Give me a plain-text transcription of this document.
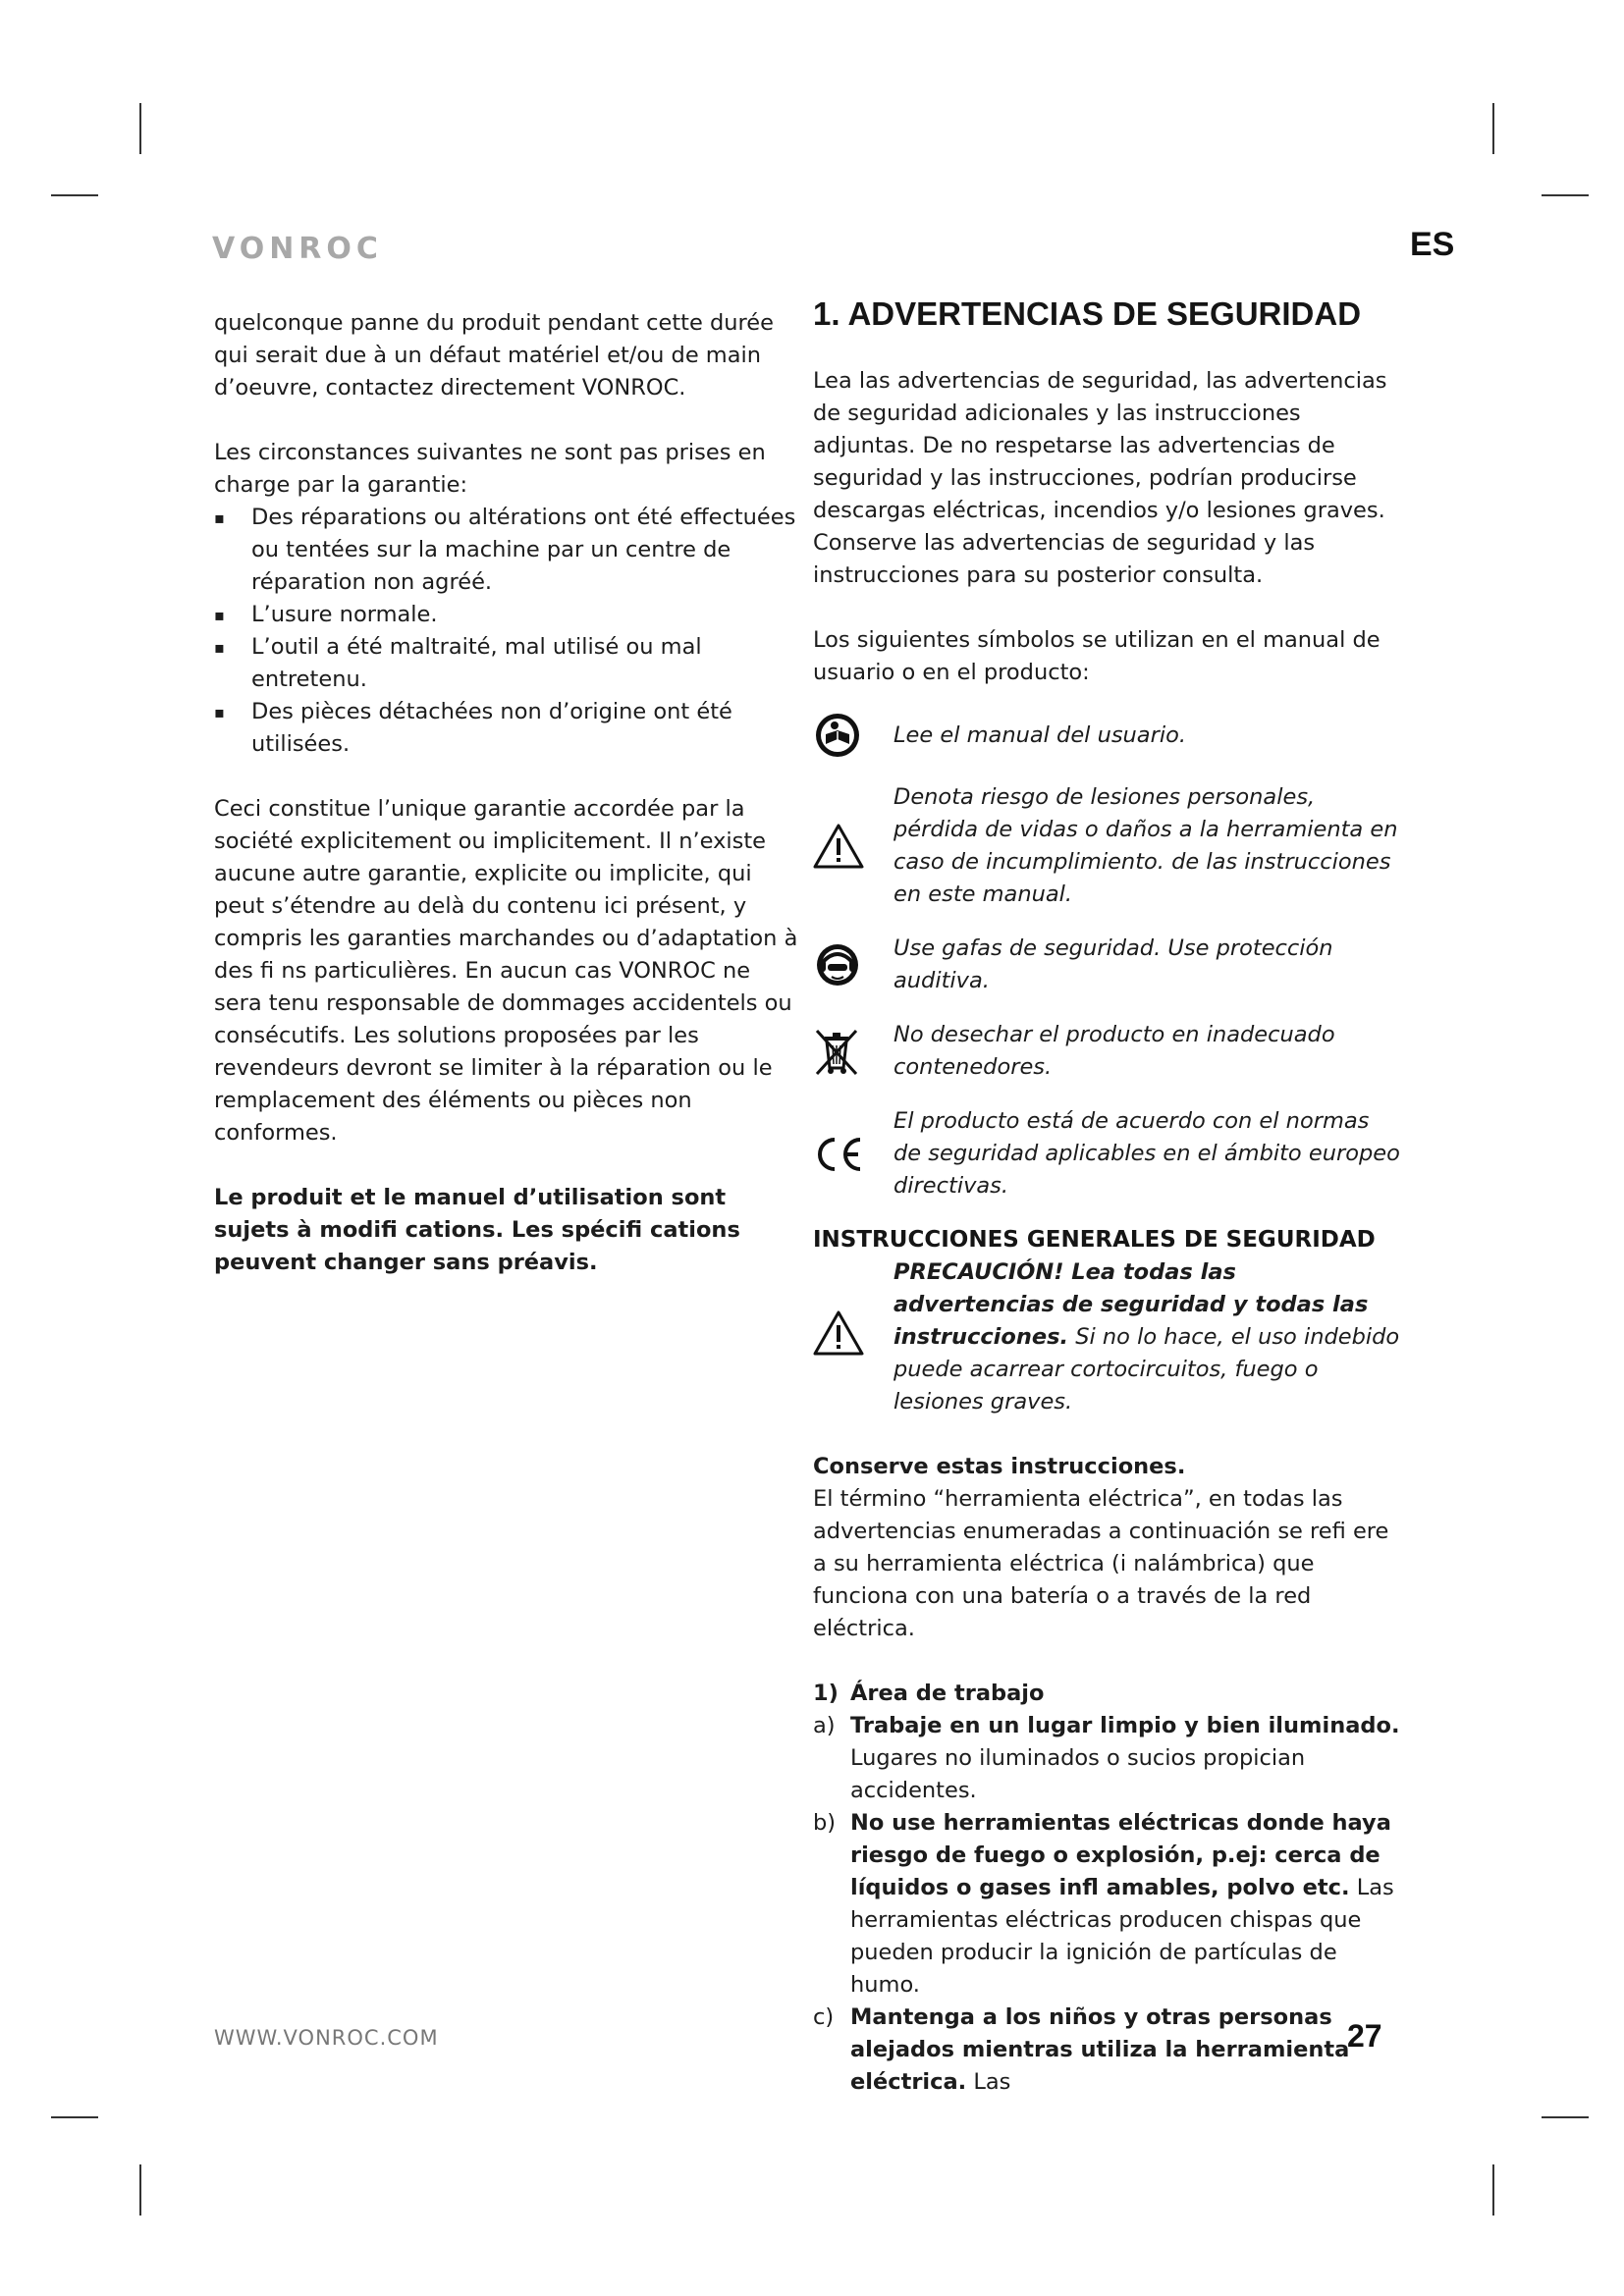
VONROC	ES

quelconque panne du produit pendant cette durée qui serait due à un défaut matériel et/ou de main d’oeuvre, contactez directement VONROC.

Les circonstances suivantes ne sont pas prises en charge par la garantie:

▪ Des réparations ou altérations ont été effectuées ou tentées sur la machine par un centre de réparation non agréé.
▪ L’usure normale.
▪ L’outil a été maltraité, mal utilisé ou mal entretenu.
▪ Des pièces détachées non d’origine ont été utilisées.

Ceci constitue l’unique garantie accordée par la société explicitement ou implicitement. Il n’existe aucune autre garantie, explicite ou implicite, qui peut s’étendre au delà du contenu ici présent, y compris les garanties marchandes ou d’adaptation à des fi ns particulières. En aucun cas VONROC ne sera tenu responsable de dommages accidentels ou consécutifs. Les solutions proposées par les revendeurs devront se limiter à la réparation ou le remplacement des éléments ou pièces non conformes.

Le produit et le manuel d’utilisation sont sujets à modifi cations. Les spécifi cations peuvent changer sans préavis.

1. ADVERTENCIAS DE SEGURIDAD

Lea las advertencias de seguridad, las advertencias de seguridad adicionales y las instrucciones adjuntas. De no respetarse las advertencias de seguridad y las instrucciones, podrían producirse descargas eléctricas, incendios y/o lesiones graves. Conserve las advertencias de seguridad y las instrucciones para su posterior consulta.

Los siguientes símbolos se utilizan en el manual de usuario o en el producto:

Lee el manual del usuario.
Denota riesgo de lesiones personales, pérdida de vidas o daños a la herramienta en caso de incumplimiento. de las instrucciones en este manual.
Use gafas de seguridad. Use protección auditiva.
No desechar el producto en inadecuado contenedores.
El producto está de acuerdo con el normas de seguridad aplicables en el ámbito europeo directivas.
INSTRUCCIONES GENERALES DE SEGURIDAD
PRECAUCIÓN! Lea todas las advertencias de seguridad y todas las instrucciones. Si no lo hace, el uso indebido puede acarrear cortocircuitos, fuego o lesiones graves.

Conserve estas instrucciones.

El término “herramienta eléctrica”, en todas las advertencias enumeradas a continuación se refi ere a su herramienta eléctrica (i nalámbrica) que funciona con una batería o a través de la red eléctrica.

1) Área de trabajo
a) Trabaje en un lugar limpio y bien iluminado. Lugares no iluminados o sucios propician accidentes.
b) No use herramientas eléctricas donde haya riesgo de fuego o explosión, p.ej: cerca de líquidos o gases infl amables, polvo etc. Las herramientas eléctricas producen chispas que pueden producir la ignición de partículas de humo.
c) Mantenga a los niños y otras personas alejados mientras utiliza la herramienta eléctrica. Las
WWW.VONROC.COM	27
